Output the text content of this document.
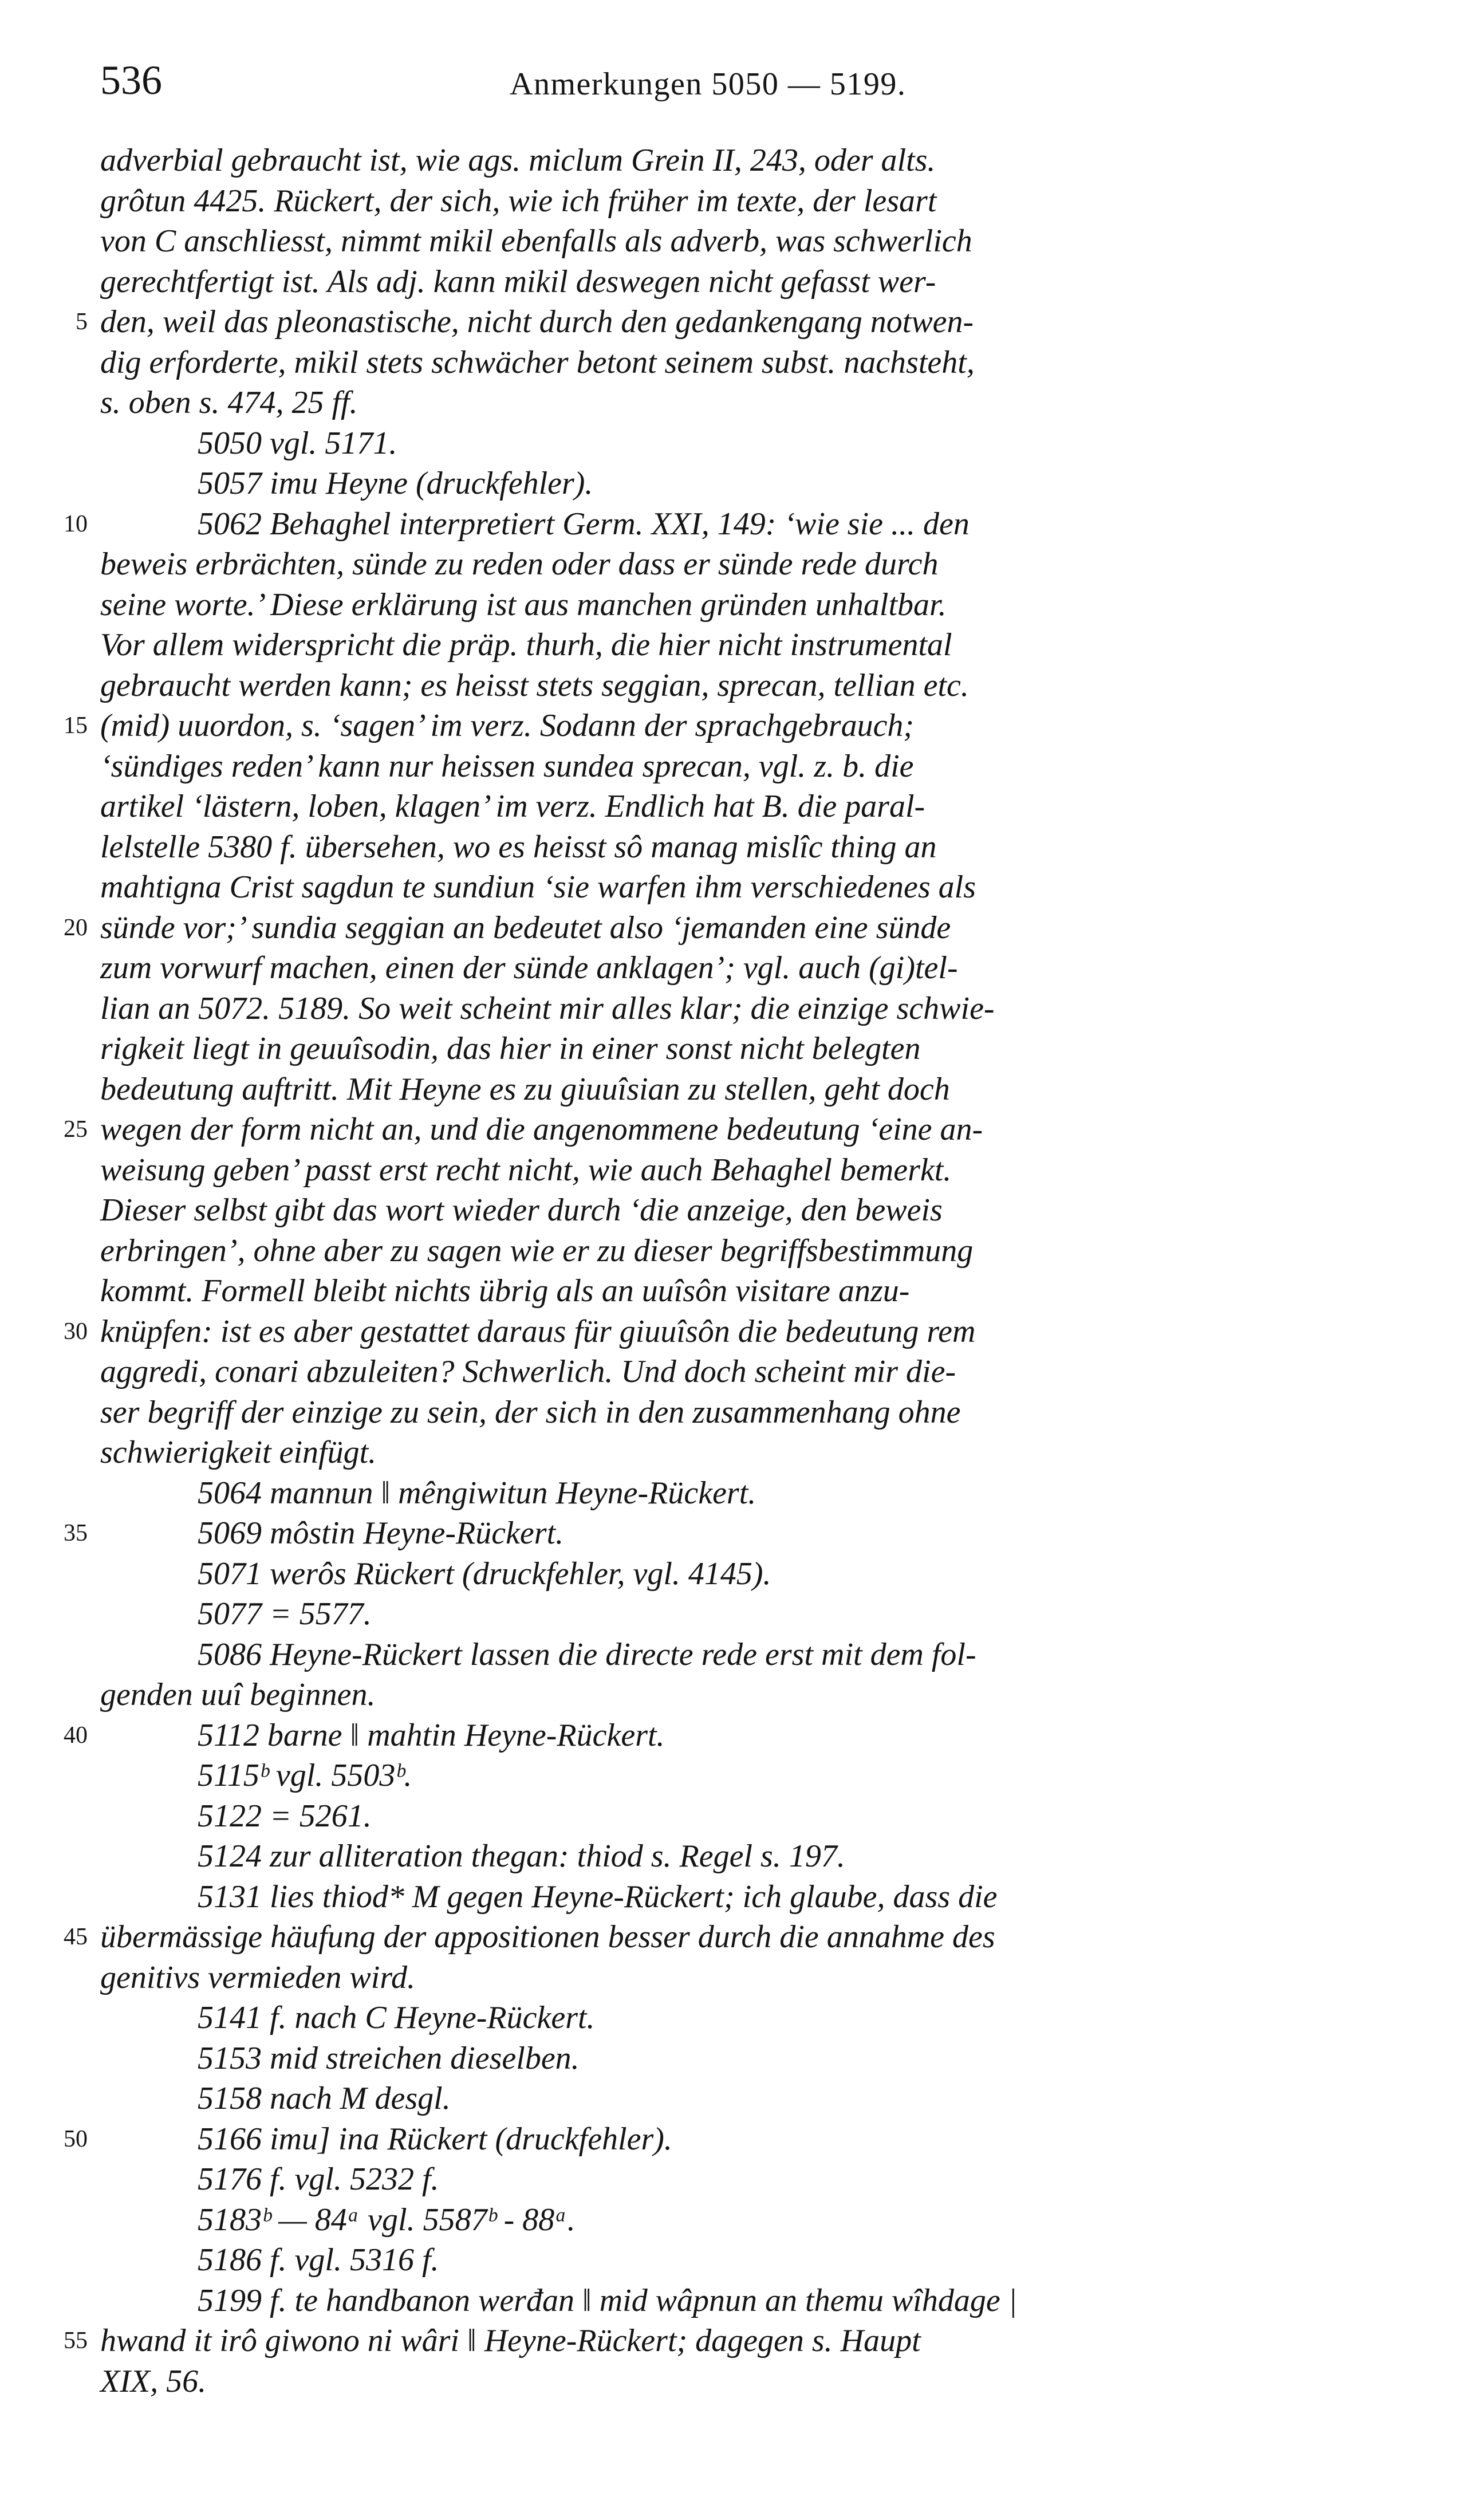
536	Anmerkungen 5050 — 5199.
adverbial gebraucht ist, wie ags. miclum Grein II, 243, oder alts.
grôtun 4425. Rückert, der sich, wie ich früher im texte, der lesart
von C anschliesst, nimmt mikil ebenfalls als adverb, was schwerlich
gerechtfertigt ist. Als adj. kann mikil deswegen nicht gefasst wer-
5 den, weil das pleonastische, nicht durch den gedankengang notwen-
dig erforderte, mikil stets schwächer betont seinem subst. nachsteht,
s. oben s. 474, 25 ff.
5050 vgl. 5171.
5057 imu Heyne (druckfehler).
10	5062 Behaghel interpretiert Germ. XXI, 149: ‘wie sie ... den
beweis erbrächten, sünde zu reden oder dass er sünde rede durch
seine worte.’ Diese erklärung ist aus manchen gründen unhaltbar.
Vor allem widerspricht die präp. thurh, die hier nicht instrumental
gebraucht werden kann; es heisst stets seggian, sprecan, tellian etc.
15 (mid) uuordon, s. ‘sagen’ im verz. Sodann der sprachgebrauch;
‘sündiges reden’ kann nur heissen sundea sprecan, vgl. z. b. die
artikel ‘lästern, loben, klagen’ im verz. Endlich hat B. die paral-
lelstelle 5380 f. übersehen, wo es heisst sô manag mislîc thing an
mahtigna Crist sagdun te sundiun ‘sie warfen ihm verschiedenes als
20 sünde vor;’ sundia seggian an bedeutet also ‘jemanden eine sünde
zum vorwurf machen, einen der sünde anklagen’; vgl. auch (gi)tel-
lian an 5072. 5189. So weit scheint mir alles klar; die einzige schwie-
rigkeit liegt in geuuîsodin, das hier in einer sonst nicht belegten
bedeutung auftritt. Mit Heyne es zu giuuîsian zu stellen, geht doch
25 wegen der form nicht an, und die angenommene bedeutung ‘eine an-
weisung geben’ passt erst recht nicht, wie auch Behaghel bemerkt.
Dieser selbst gibt das wort wieder durch ‘die anzeige, den beweis
erbringen’, ohne aber zu sagen wie er zu dieser begriffsbestimmung
kommt. Formell bleibt nichts übrig als an uuîsôn visitare anzu-
30 knüpfen: ist es aber gestattet daraus für giuuîsôn die bedeutung rem
aggredi, conari abzuleiten? Schwerlich. Und doch scheint mir die-
ser begriff der einzige zu sein, der sich in den zusammenhang ohne
schwierigkeit einfügt.
5064 mannun ‖ mêngiwitun Heyne-Rückert.
35	5069 môstin Heyne-Rückert.
5071 werôs Rückert (druckfehler, vgl. 4145).
5077 = 5577.
5086 Heyne-Rückert lassen die directe rede erst mit dem fol-
genden uuî beginnen.
40	5112 barne ‖ mahtin Heyne-Rückert.
5115ᵇ vgl. 5503ᵇ.
5122 = 5261.
5124 zur alliteration thegan: thiod s. Regel s. 197.
5131 lies thiod* M gegen Heyne-Rückert; ich glaube, dass die
45 übermässige häufung der appositionen besser durch die annahme des
genitivs vermieden wird.
5141 f. nach C Heyne-Rückert.
5153 mid streichen dieselben.
5158 nach M desgl.
50	5166 imu] ina Rückert (druckfehler).
5176 f. vgl. 5232 f.
5183ᵇ — 84ᵃ vgl. 5587ᵇ - 88ᵃ.
5186 f. vgl. 5316 f.
5199 f. te handbanon werđan ‖ mid wâpnun an themu wîhdage |
55 hwand it irô giwono ni wâri ‖ Heyne-Rückert; dagegen s. Haupt
XIX, 56.
